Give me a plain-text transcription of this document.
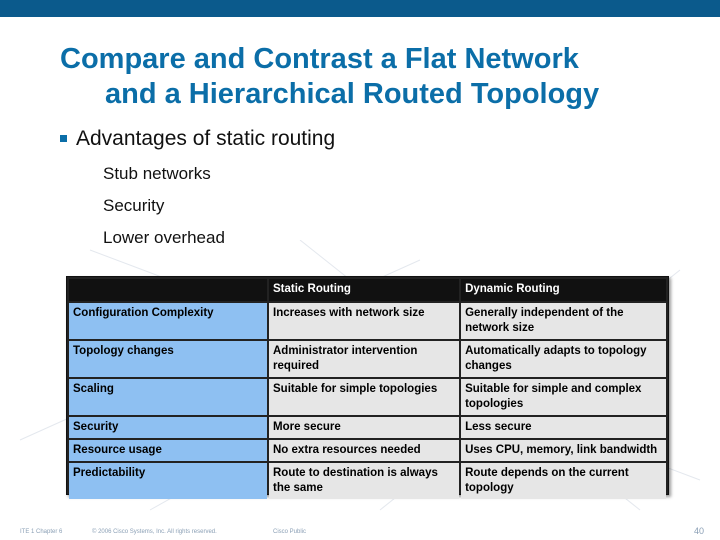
Compare and Contrast a Flat Network
and a Hierarchical Routed Topology
Advantages of static routing
Stub networks
Security
Lower overhead
	Static Routing	Dynamic Routing
Configuration Complexity	Increases with network size	Generally independent of the network size
Topology changes	Administrator intervention required	Automatically adapts to topology changes
Scaling	Suitable for simple topologies	Suitable for simple and complex topologies
Security	More secure	Less secure
Resource usage	No extra resources needed	Uses CPU, memory, link bandwidth
Predictability	Route to destination is always the same	Route depends on the current topology
ITE 1 Chapter 6	© 2006 Cisco Systems, Inc. All rights reserved.	Cisco Public	40
